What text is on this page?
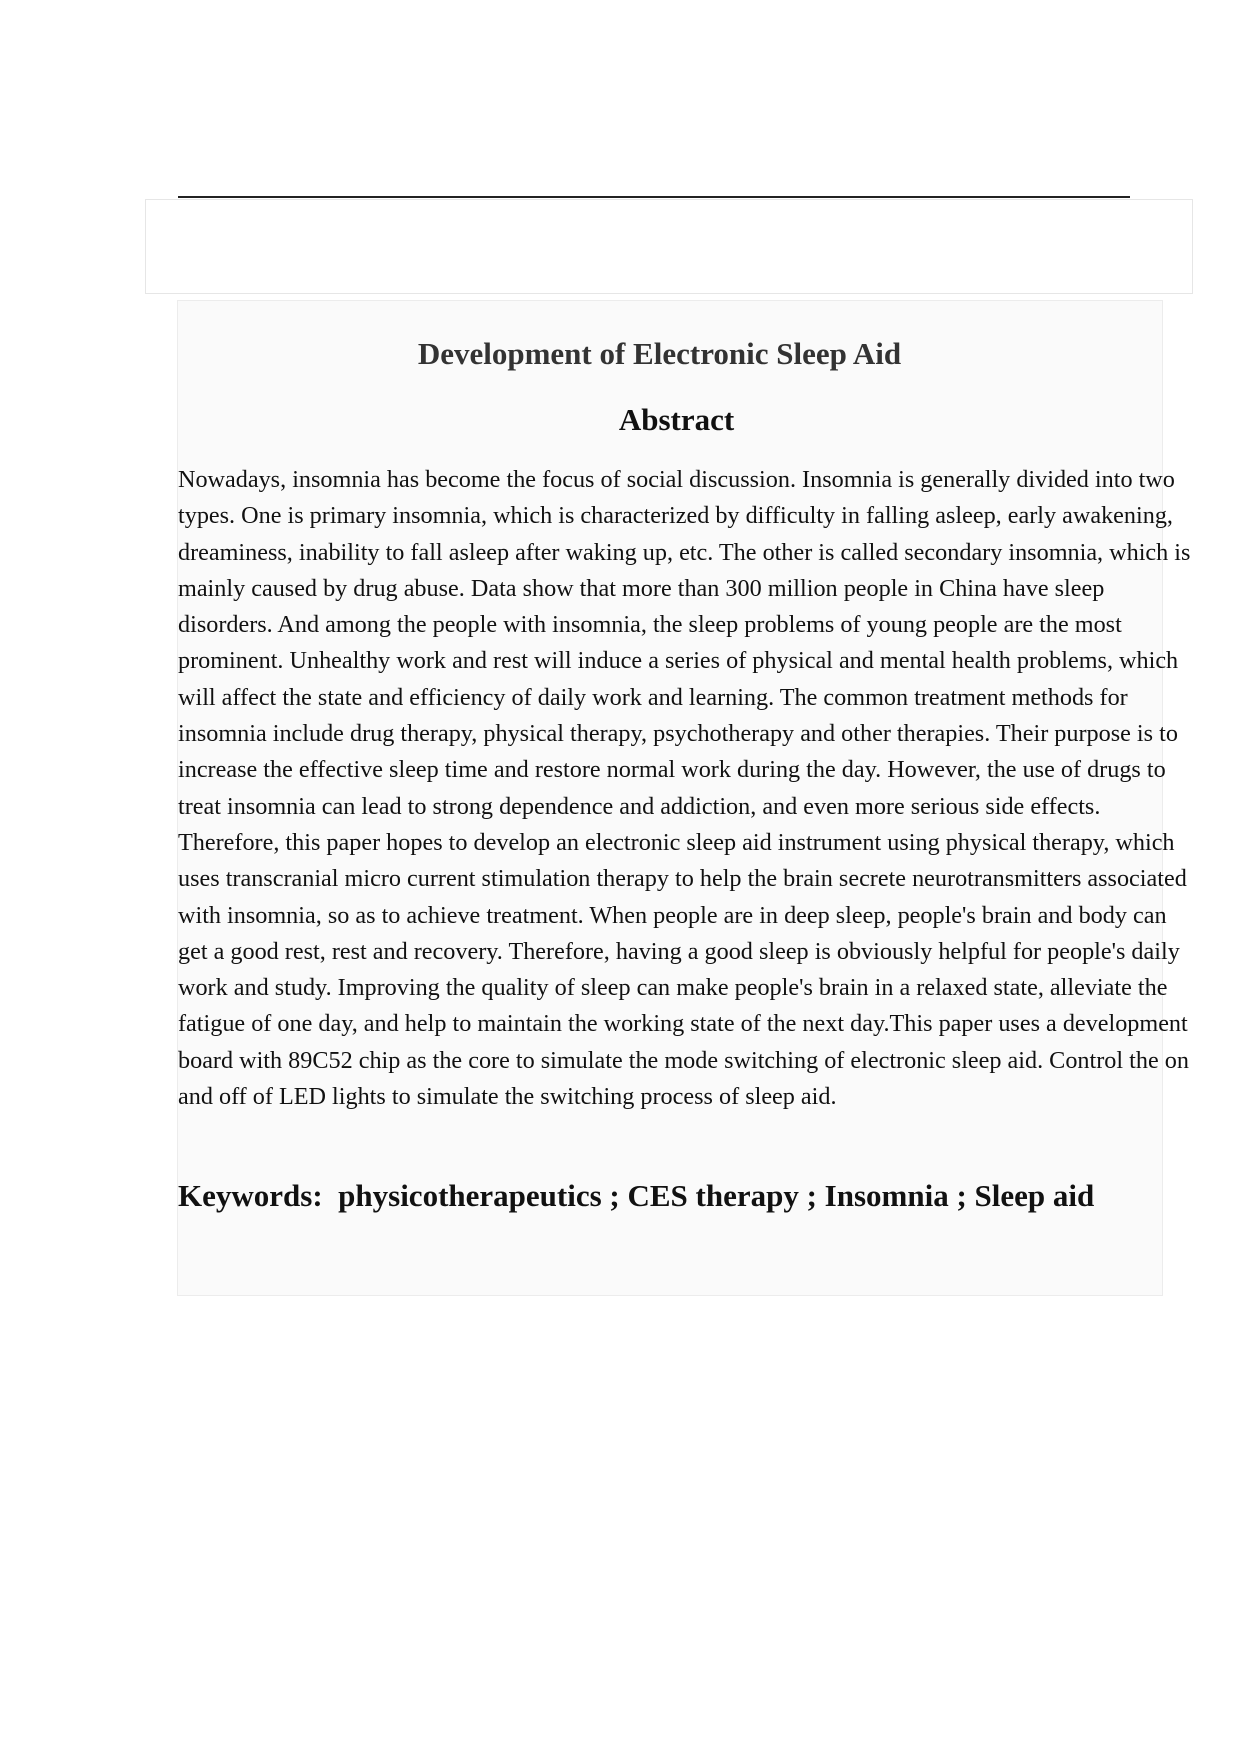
Development of Electronic Sleep Aid
Abstract

Nowadays, insomnia has become the focus of social discussion. Insomnia is generally divided into two types. One is primary insomnia, which is characterized by difficulty in falling asleep, early awakening, dreaminess, inability to fall asleep after waking up, etc. The other is called secondary insomnia, which is mainly caused by drug abuse. Data show that more than 300 million people in China have sleep disorders. And among the people with insomnia, the sleep problems of young people are the most prominent. Unhealthy work and rest will induce a series of physical and mental health problems, which will affect the state and efficiency of daily work and learning. The common treatment methods for insomnia include drug therapy, physical therapy, psychotherapy and other therapies. Their purpose is to increase the effective sleep time and restore normal work during the day. However, the use of drugs to treat insomnia can lead to strong dependence and addiction, and even more serious side effects. Therefore, this paper hopes to develop an electronic sleep aid instrument using physical therapy, which uses transcranial micro current stimulation therapy to help the brain secrete neurotransmitters associated with insomnia, so as to achieve treatment. When people are in deep sleep, people's brain and body can get a good rest, rest and recovery. Therefore, having a good sleep is obviously helpful for people's daily work and study. Improving the quality of sleep can make people's brain in a relaxed state, alleviate the fatigue of one day, and help to maintain the working state of the next day.This paper uses a development board with 89C52 chip as the core to simulate the mode switching of electronic sleep aid. Control the on and off of LED lights to simulate the switching process of sleep aid.

Keywords:  physicotherapeutics ; CES therapy ; Insomnia ; Sleep aid
